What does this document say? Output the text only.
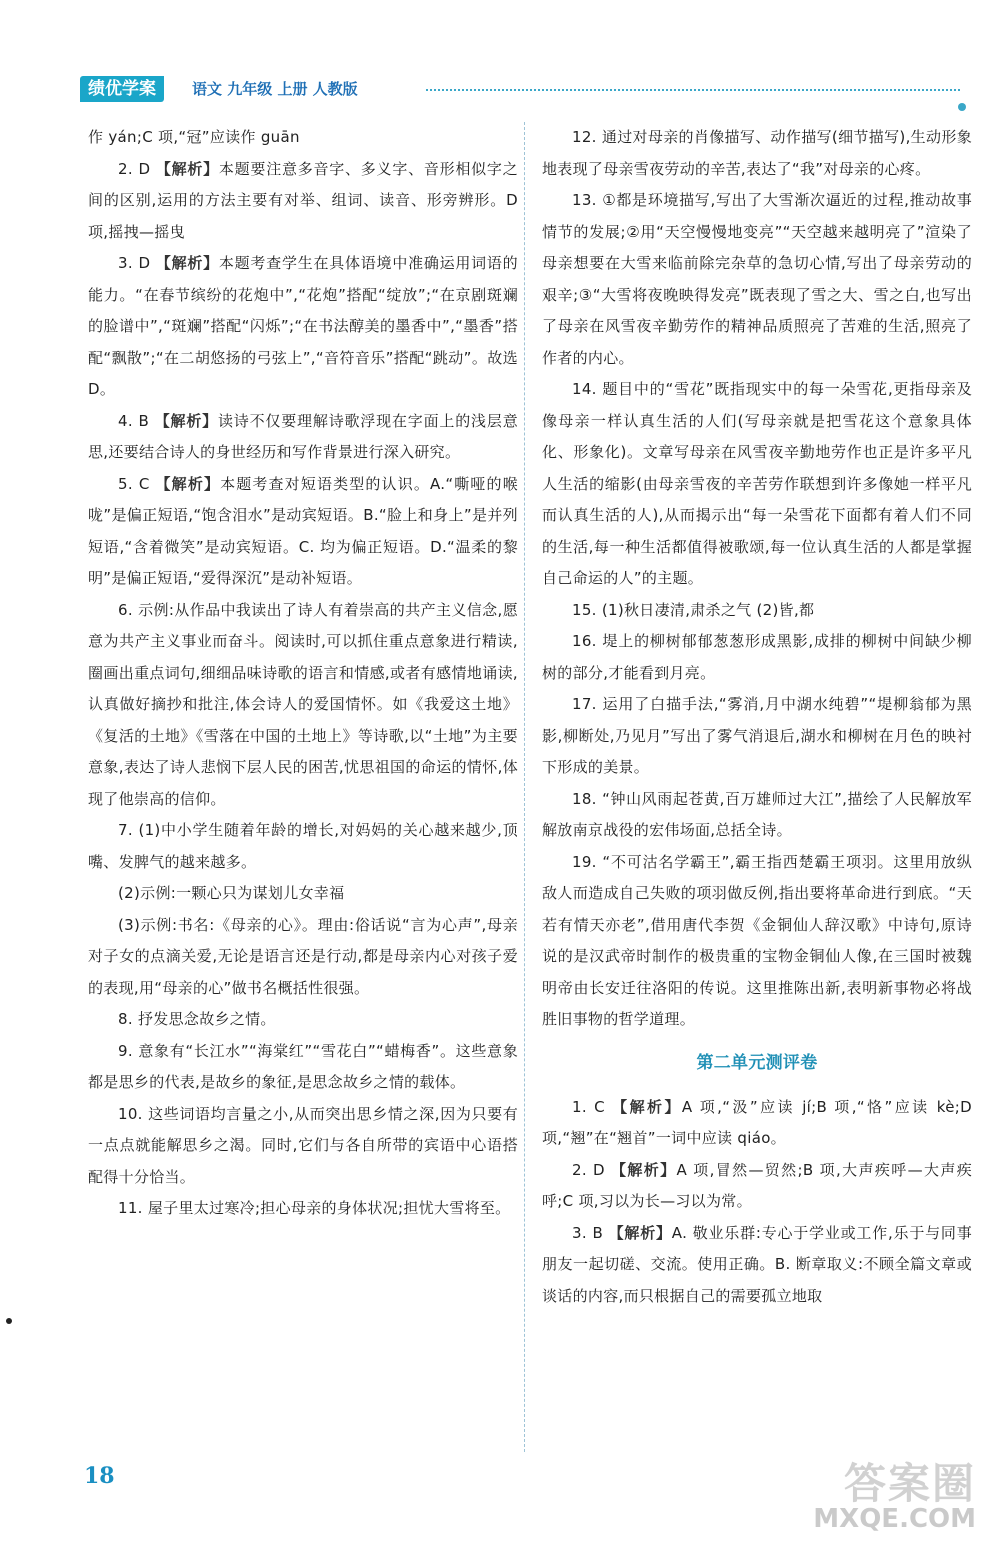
绩优学案	语文 九年级 上册 人教版

作 yán;C 项,“冠”应读作 guān

2. D 【解析】本题要注意多音字、多义字、音形相似字之间的区别,运用的方法主要有对举、组词、读音、形旁辨形。D 项,摇拽—摇曳

3. D 【解析】本题考查学生在具体语境中准确运用词语的能力。“在春节缤纷的花炮中”,“花炮”搭配“绽放”;“在京剧斑斓的脸谱中”,“斑斓”搭配“闪烁”;“在书法醇美的墨香中”,“墨香”搭配“飘散”;“在二胡悠扬的弓弦上”,“音符音乐”搭配“跳动”。故选 D。

4. B 【解析】读诗不仅要理解诗歌浮现在字面上的浅层意思,还要结合诗人的身世经历和写作背景进行深入研究。

5. C 【解析】本题考查对短语类型的认识。A.“嘶哑的喉咙”是偏正短语,“饱含泪水”是动宾短语。B.“脸上和身上”是并列短语,“含着微笑”是动宾短语。C. 均为偏正短语。D.“温柔的黎明”是偏正短语,“爱得深沉”是动补短语。

6. 示例:从作品中我读出了诗人有着崇高的共产主义信念,愿意为共产主义事业而奋斗。阅读时,可以抓住重点意象进行精读,圈画出重点词句,细细品味诗歌的语言和情感,或者有感情地诵读,认真做好摘抄和批注,体会诗人的爱国情怀。如《我爱这土地》《复活的土地》《雪落在中国的土地上》等诗歌,以“土地”为主要意象,表达了诗人悲悯下层人民的困苦,忧思祖国的命运的情怀,体现了他崇高的信仰。

7. (1)中小学生随着年龄的增长,对妈妈的关心越来越少,顶嘴、发脾气的越来越多。

(2)示例:一颗心只为谋划儿女幸福

(3)示例:书名:《母亲的心》。理由:俗话说“言为心声”,母亲对子女的点滴关爱,无论是语言还是行动,都是母亲内心对孩子爱的表现,用“母亲的心”做书名概括性很强。

8. 抒发思念故乡之情。

9. 意象有“长江水”“海棠红”“雪花白”“蜡梅香”。这些意象都是思乡的代表,是故乡的象征,是思念故乡之情的载体。

10. 这些词语均言量之小,从而突出思乡情之深,因为只要有一点点就能解思乡之渴。同时,它们与各自所带的宾语中心语搭配得十分恰当。

11. 屋子里太过寒冷;担心母亲的身体状况;担忧大雪将至。

12. 通过对母亲的肖像描写、动作描写(细节描写),生动形象地表现了母亲雪夜劳动的辛苦,表达了“我”对母亲的心疼。

13. ①都是环境描写,写出了大雪渐次逼近的过程,推动故事情节的发展;②用“天空慢慢地变亮”“天空越来越明亮了”渲染了母亲想要在大雪来临前除完杂草的急切心情,写出了母亲劳动的艰辛;③“大雪将夜晚映得发亮”既表现了雪之大、雪之白,也写出了母亲在风雪夜辛勤劳作的精神品质照亮了苦难的生活,照亮了作者的内心。

14. 题目中的“雪花”既指现实中的每一朵雪花,更指母亲及像母亲一样认真生活的人们(写母亲就是把雪花这个意象具体化、形象化)。文章写母亲在风雪夜辛勤地劳作也正是许多平凡人生活的缩影(由母亲雪夜的辛苦劳作联想到许多像她一样平凡而认真生活的人),从而揭示出“每一朵雪花下面都有着人们不同的生活,每一种生活都值得被歌颂,每一位认真生活的人都是掌握自己命运的人”的主题。

15. (1)秋日凄清,肃杀之气 (2)皆,都

16. 堤上的柳树郁郁葱葱形成黑影,成排的柳树中间缺少柳树的部分,才能看到月亮。

17. 运用了白描手法,“雾消,月中湖水纯碧”“堤柳翁郁为黑影,柳断处,乃见月”写出了雾气消退后,湖水和柳树在月色的映衬下形成的美景。

18. “钟山风雨起苍黄,百万雄师过大江”,描绘了人民解放军解放南京战役的宏伟场面,总括全诗。

19. “不可沽名学霸王”,霸王指西楚霸王项羽。这里用放纵敌人而造成自己失败的项羽做反例,指出要将革命进行到底。“天若有情天亦老”,借用唐代李贺《金铜仙人辞汉歌》中诗句,原诗说的是汉武帝时制作的极贵重的宝物金铜仙人像,在三国时被魏明帝由长安迁往洛阳的传说。这里推陈出新,表明新事物必将战胜旧事物的哲学道理。

第二单元测评卷

1. C 【解析】A 项,“汲”应读 jí;B 项,“恪”应读 kè;D 项,“翘”在“翘首”一词中应读 qiáo。

2. D 【解析】A 项,冒然—贸然;B 项,大声疾呼—大声疾呼;C 项,习以为长—习以为常。

3. B 【解析】A. 敬业乐群:专心于学业或工作,乐于与同事朋友一起切磋、交流。使用正确。B. 断章取义:不顾全篇文章或谈话的内容,而只根据自己的需要孤立地取

18	答案圈
MXQE.COM
